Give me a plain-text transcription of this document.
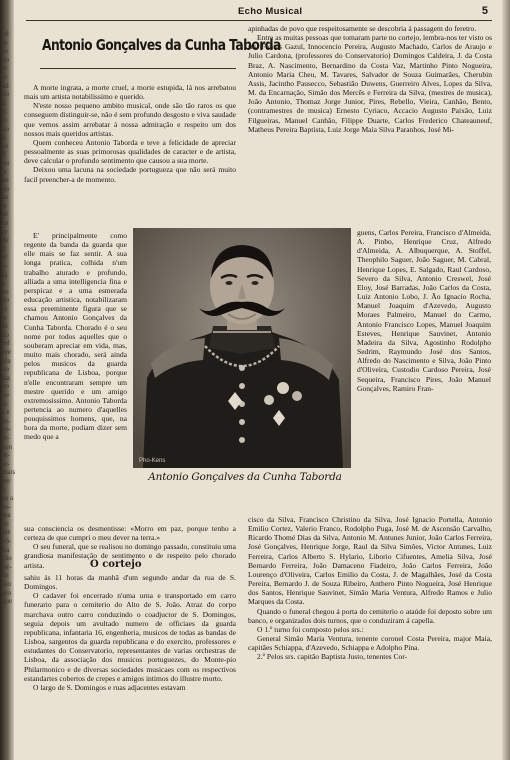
ed
fe
ns
no
le
er
ad
no
a.
p.
ei
no
a.
so
ll
ou
is
ue
gn
sa
te
ur
en
er
de
il
el
o-
ia
e
ne
do
ei
te
in
do
rol
ore
ola
oo
sta
no
ite
ri-
s e
ao.
co-
er-
con
in-
ar-
mais
zer
a
os a
de-
ma
de
lue
vó-
tra
ção
ter-
de
sso
ero
que
Echo Musical	5
Antonio Gonçalves da Cunha Taborda

A morte ingrata, a morte cruel, a morte estupida, lá nos arrebatou mais um artista notabilissimo e querido.

N'este nosso pequeno ambito musical, onde são tão raros os que conseguem distinguir-se, não é sem profundo desgosto e viva saudade que vemos assim arrebatar á nossa admiração e respeito um dos nossos mais queridos artistas.

Quem conheceu Antonio Taborda e teve a felicidade de apreciar pessoalmente as suas primorosas qualidades de caracter e de artista, deve calcular o profundo sentimento que causou a sua morte.

Deixou uma lacuna na sociedade portugueza que não será muito facil preencher-a de momento.

E' principalmente como regente da banda da guarda que elle mais se faz sentir. A sua longa pratica, colhida n'um trabalho aturado e profundo, alliada a uma intelligencia fina e perspicaz e a uma esmerada educação artistica, notabilizaram essa preeminente figura que se chamou Antonio Gonçalves da Cunha Taborda. Chorado é o seu nome por todos aquelles que o souberam apreciar em vida, mas, muito mais chorado, será ainda pelos musicos da guarda republicana de Lisboa, porque n'elle encontraram sempre um mestre querido e um amigo extremosissimo. Antonio Taborda pertencia ao numero d'aquelles pouquissimos homens, que, na hora da morte, podiam dizer sem medo que a

sua consciencia os desmentisse: «Morro em paz, porque tenho a certeza de que cumpri o meu dever na terra.»

O seu funeral, que se realisou no domingo passado, constituiu uma grandiosa manifestação de sentimento e de respeito pelo chorado artista.	O cortejo

sahiu ás 11 horas da manhã d'um segundo andar da rua de S. Domingos.

O cadaver foi encerrado n'uma urna e transportado em carro funerario para o cemiterio do Alto de S. João. Atraz do corpo marchava outro carro conduzindo o coadjuctor de S. Domingos, seguia depois um avultado numero de officiaes da guarda republicana, infantaria 16, engenheria, musicos de todas as bandas de Lisboa, sargentos da guarda republicana e do exercito, professores e estudantes do Conservatorio, representantes de varias orchestras de Lisboa, da associação dos musicos portuguezes, do Monte-pio Philarmonico e de diversas sociedades musicaes com os respectivos estandartes cobertos de crepes e amigos intimos do illustre morto.

O largo de S. Domingos e ruas adjacentes estavam

apinhadas de povo que respeitosamente se descobria á passagem do feretro.

Entre as muitas pessoas que tomaram parte no cortejo, lembra-nos ter visto os srs. Freitas Gazul, Innocencio Pereira, Augusto Machado, Carlos de Araujo e Julio Cardona, (professores do Conservatorio) Domingos Caldeira, J. da Costa Braz, A. Nascimento, Bernardino da Costa Vaz, Martinho Pinto Nogueira, Antonio Maria Cheu, M. Tavares, Salvador de Souza Guimarães, Cherubin Assis, Jacintho Pausecco, Sebastião Duwens, Guerreiro Alves, Lopes da Silva, M. da Encarnação, Simão dos Mercês e Ferreira da Silva, (mestres de musica), João Antonio, Thomaz Jorge Junior, Pires, Rebello, Vieira, Canhão, Bento, (contramestres de musica) Ernesto Cyriaco, Accacio Augusto Paixão, Luiz Filgueiras, Manuel Canhão, Filippe Duarte, Carlos Frederico Chateauneuf, Matheus Pereira Baptista, Luiz Jorge Maia Silva Paranhos, José Mi-

guens, Carlos Pereira, Francisco d'Almeida, A. Pinho, Henrique Cruz, Alfredo d'Almeida, A. Albuquerque, A. Stoffel, Theophilo Saguer, João Saguer, M. Cabral, Henrique Lopes, E. Salgado, Raul Cardoso, Severo da Silva, Antonio Creswel, José Eloy, José Barradas, João Carlos da Costa, Luiz Antonio Lobo, J. Ão Ignacio Rocha, Manuel Joaquim d'Azevedo, Augusto Moraes Palmeiro, Manuel do Carmo, Antonio Francisco Lopes, Manuel Joaquim Esteves, Henrique Sauvinet, Antonio Madeira da Silva, Agostinho Rodolpho Sedrim, Raymundo José dos Santos, Alfredo do Nascimento e Silva, João Pinto d'Oliveira, Custodio Cardoso Pereira, José Sequeira, Francisco Pires, João Manuel Gonçalves, Ramiro Fran-

cisco da Silva, Francisco Christino da Silva, José Ignacio Portella, Antonio Emilio Cortez, Valerio Franco, Rodolpho Puga, José M. de Ascensão Carvalho, Ricardo Thomé Dias da Silva, Antonio M. Antunes Junior, João Carlos Ferreira, José Gonçalves, Henrique Jorge, Raul da Silva Simões, Victor Antunes, Luiz Ferreira, Carlos Alberto S. Hylario, Liborio Cifuentes, Amelia Silva, José Bernardo Ferreira, João Damaceno Fiadeiro, João Carlos Ferreira, João Lourenço d'Oliveira, Carlos Emilio da Costa, J. de Magalhães, José da Costa Pereira, Bernardo J. de Souza Ribeiro, Anthero Pinto Nogueira, José Henrique dos Santos, Henrique Sauvinet, Simão Maria Ventura, Alfredo Ramos e Julio Marques da Costa.

Quando o funeral chegou á porta do cemiterio o ataúde foi deposto sobre um banco, e organizados dois turnos, que o conduziram á capella.

O 1.º turno foi composto pelos srs.:

General Simão Maria Ventura, tenente coronel Costa Pereira, major Maia, capitães Schiappa, d'Azevedo, Schiappa e Adolpho Pina.

2.º Pelos srs. capitão Baptista Justo, tenentes Cor-

Pho-Kens
Antonio Gonçalves da Cunha Taborda
